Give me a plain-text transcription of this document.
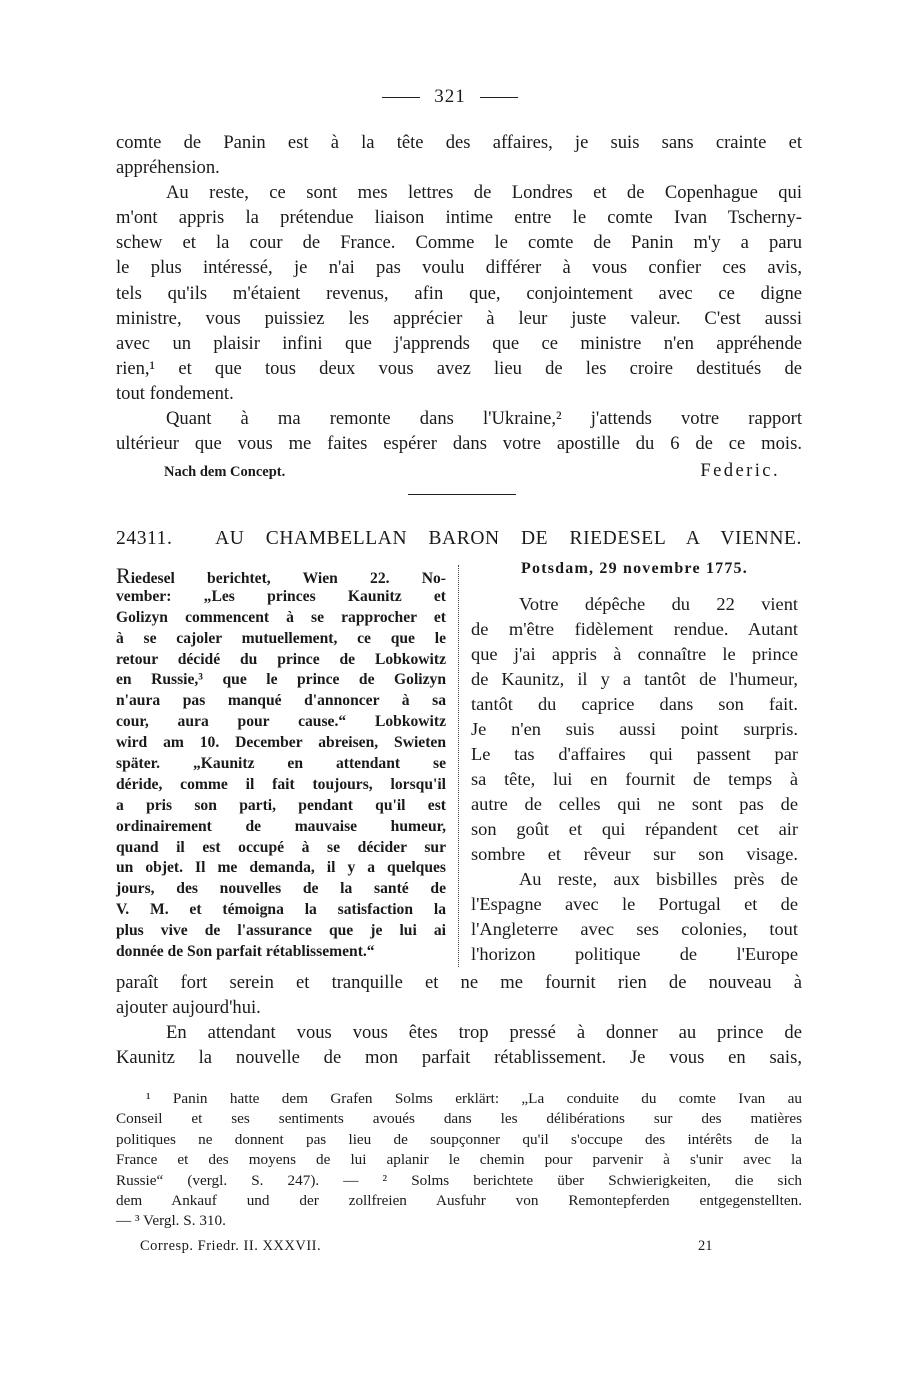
321
comte de Panin est à la tête des affaires, je suis sans crainte et
appréhension.
Au reste, ce sont mes lettres de Londres et de Copenhague qui
m'ont appris la prétendue liaison intime entre le comte Ivan Tscherny-
schew et la cour de France. Comme le comte de Panin m'y a paru
le plus intéressé, je n'ai pas voulu différer à vous confier ces avis,
tels qu'ils m'étaient revenus, afin que, conjointement avec ce digne
ministre, vous puissiez les apprécier à leur juste valeur. C'est aussi
avec un plaisir infini que j'apprends que ce ministre n'en appréhende
rien,¹ et que tous deux vous avez lieu de les croire destitués de
tout fondement.
Quant à ma remonte dans l'Ukraine,² j'attends votre rapport
ultérieur que vous me faites espérer dans votre apostille du 6 de ce mois.
Nach dem Concept.	Federic.
24311. AU CHAMBELLAN BARON DE RIEDESEL A VIENNE.
Riedesel berichtet, Wien 22. No-
vember: „Les princes Kaunitz et
Golizyn commencent à se rapprocher et
à se cajoler mutuellement, ce que le
retour décidé du prince de Lobkowitz
en Russie,³ que le prince de Golizyn
n'aura pas manqué d'annoncer à sa
cour, aura pour cause.“ Lobkowitz
wird am 10. December abreisen, Swieten
später. „Kaunitz en attendant se
déride, comme il fait toujours, lorsqu'il
a pris son parti, pendant qu'il est
ordinairement de mauvaise humeur,
quand il est occupé à se décider sur
un objet. Il me demanda, il y a quelques
jours, des nouvelles de la santé de
V. M. et témoigna la satisfaction la
plus vive de l'assurance que je lui ai
donnée de Son parfait rétablissement.“
Potsdam, 29 novembre 1775.
Votre dépêche du 22 vient
de m'être fidèlement rendue. Autant
que j'ai appris à connaître le prince
de Kaunitz, il y a tantôt de l'humeur,
tantôt du caprice dans son fait.
Je n'en suis aussi point surpris.
Le tas d'affaires qui passent par
sa tête, lui en fournit de temps à
autre de celles qui ne sont pas de
son goût et qui répandent cet air
sombre et rêveur sur son visage.
Au reste, aux bisbilles près de
l'Espagne avec le Portugal et de
l'Angleterre avec ses colonies, tout
l'horizon politique de l'Europe
paraît fort serein et tranquille et ne me fournit rien de nouveau à
ajouter aujourd'hui.
En attendant vous vous êtes trop pressé à donner au prince de
Kaunitz la nouvelle de mon parfait rétablissement. Je vous en sais,
¹ Panin hatte dem Grafen Solms erklärt: „La conduite du comte Ivan au
Conseil et ses sentiments avoués dans les délibérations sur des matières
politiques ne donnent pas lieu de soupçonner qu'il s'occupe des intérêts de la
France et des moyens de lui aplanir le chemin pour parvenir à s'unir avec la
Russie“ (vergl. S. 247). — ² Solms berichtete über Schwierigkeiten, die sich
dem Ankauf und der zollfreien Ausfuhr von Remontepferden entgegenstellten.
— ³ Vergl. S. 310.
Corresp. Friedr. II. XXXVII.	21
